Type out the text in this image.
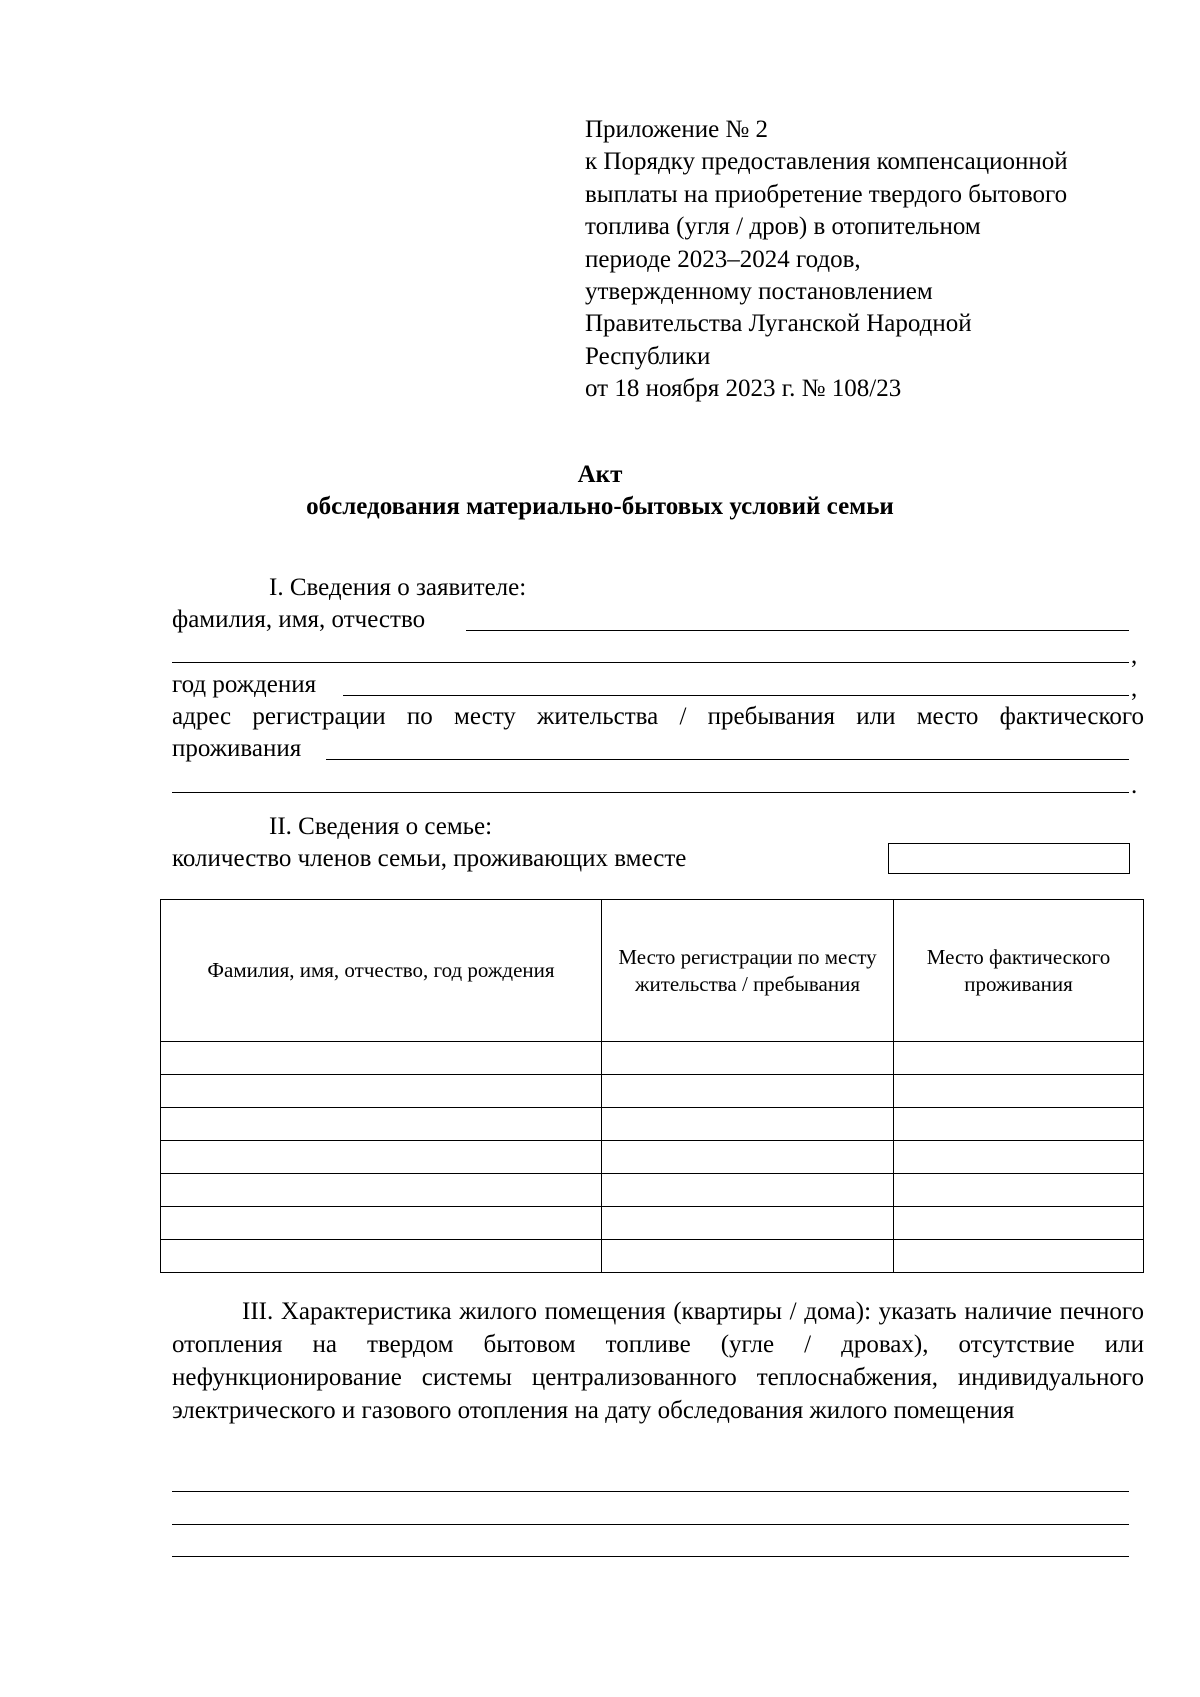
Приложение № 2
к Порядку предоставления компенсационной
выплаты на приобретение твердого бытового
топлива (угля / дров) в отопительном
периоде 2023–2024 годов,
утвержденному постановлением
Правительства Луганской Народной
Республики
от 18 ноября 2023 г. № 108/23
Акт
обследования материально-бытовых условий семьи
I. Сведения о заявителе:
фамилия, имя, отчество
,
год рождения	,
адрес регистрации по месту жительства / пребывания или место фактического
проживания
.
II. Сведения о семье:
количество членов семьи, проживающих вместе
Фамилия, имя, отчество, год рождения	Место регистрации по месту жительства / пребывания	Место фактического проживания

III. Характеристика жилого помещения (квартиры / дома): указать наличие печного отопления на твердом бытовом топливе (угле / дровах), отсутствие или нефункционирование системы централизованного теплоснабжения, индивидуального электрического и газового отопления на дату обследования жилого помещения
